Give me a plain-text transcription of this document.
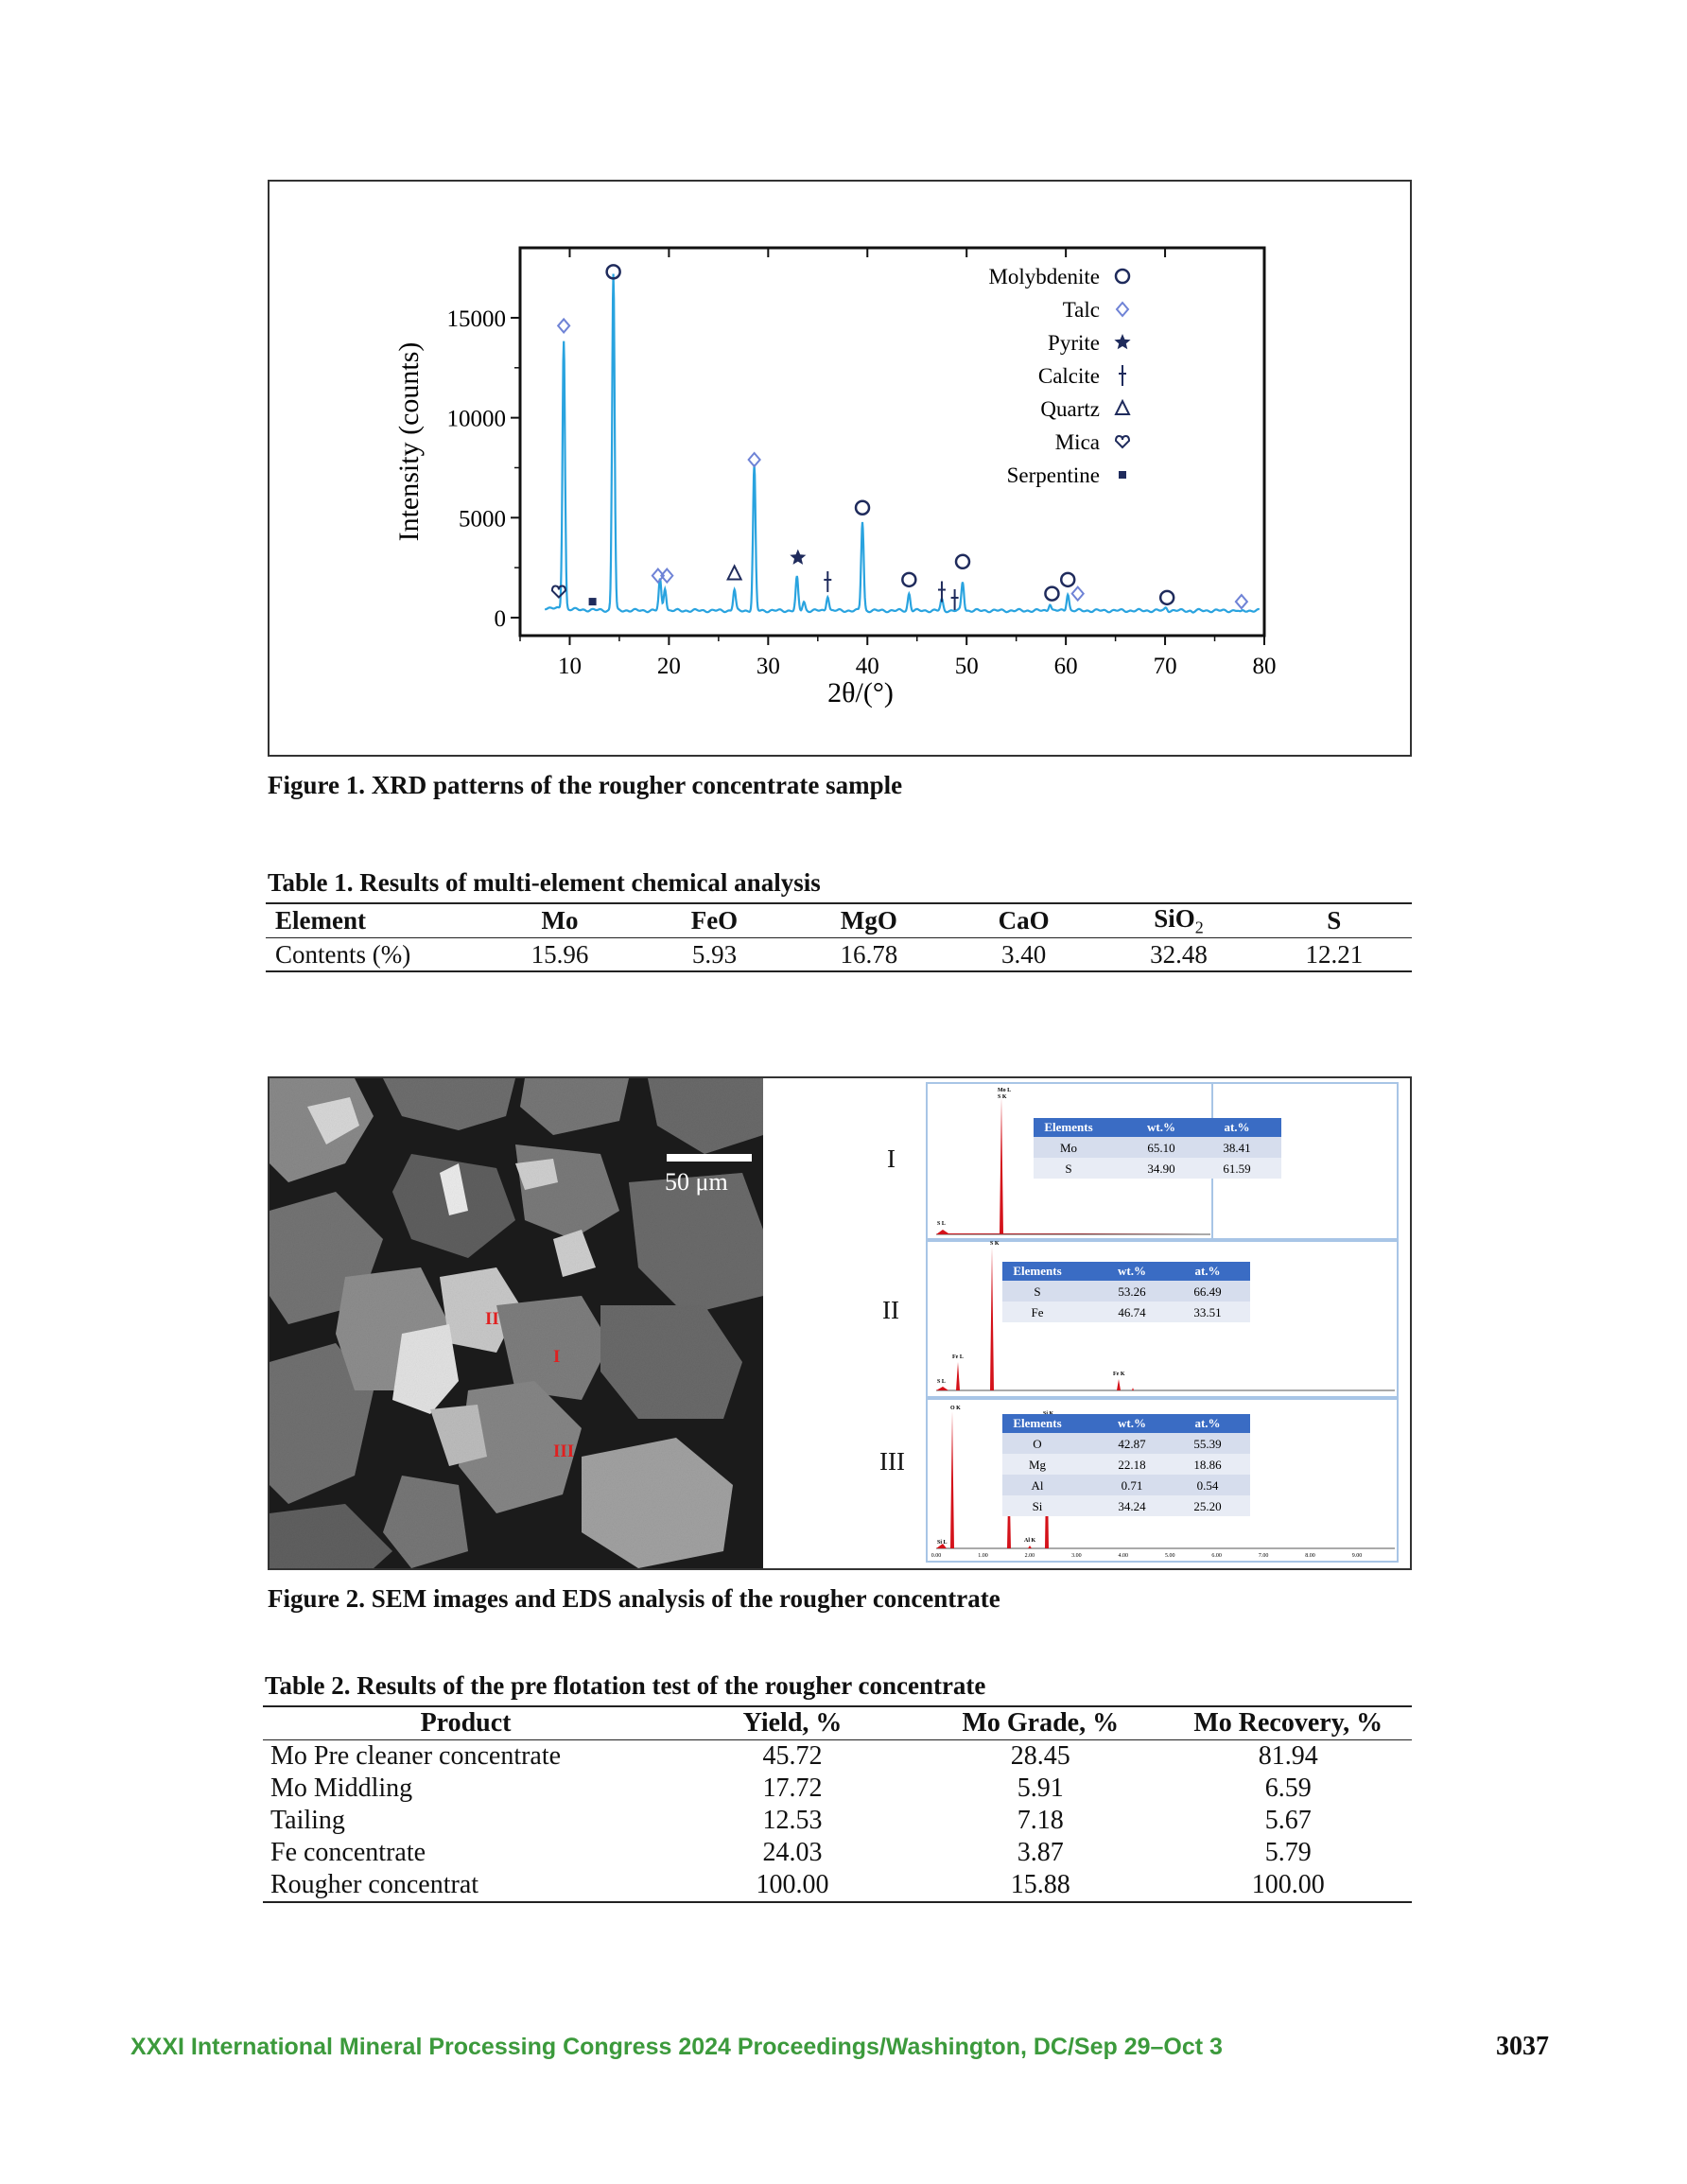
10	20	30	40	50	60	70	80
0
5000
10000
15000
Molybdenite
Talc
Pyrite
Calcite
Quartz
Mica
Serpentine
2θ/(°)
Intensity (counts)
Figure 1. XRD patterns of the rougher concentrate sample
Table 1. Results of multi-element chemical analysis
Element	Mo	FeO	MgO	CaO	SiO$_2$	S
Contents (%)	15.96	5.93	16.78	3.40	32.48	12.21
50 μm
II
I
III
I
II
III
Mo L
S K
S L
Elements	wt.%	at.%
Mo	65.10	38.41
S	34.90	61.59
S K
Fe L
Fe K
S L
Elements	wt.%	at.%
S	53.26	66.49
Fe	46.74	33.51
O K
Al K
Si L
0.00	1.00	2.00	3.00	4.00	5.00	6.00	7.00	8.00	9.00
Elements	wt.%	at.%
O	42.87	55.39
Mg	22.18	18.86
Al	0.71	0.54
Si	34.24	25.20
Figure 2. SEM images and EDS analysis of the rougher concentrate
Table 2. Results of the pre flotation test of the rougher concentrate
Product	Yield, %	Mo Grade, %	Mo Recovery, %
Mo Pre cleaner concentrate	45.72	28.45	81.94
Mo Middling	17.72	5.91	6.59
Tailing	12.53	7.18	5.67
Fe concentrate	24.03	3.87	5.79
Rougher concentrat	100.00	15.88	100.00
XXXI International Mineral Processing Congress 2024 Proceedings/Washington, DC/Sep 29–Oct 3	3037
